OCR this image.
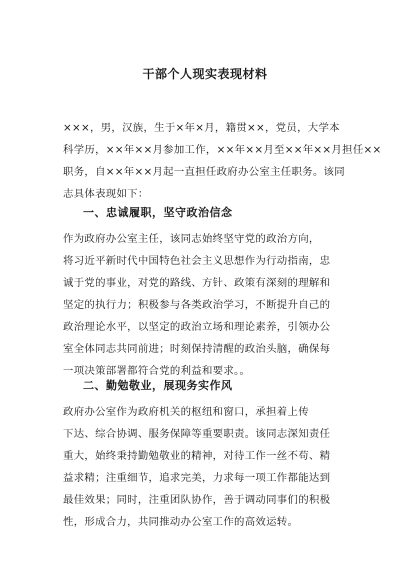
干部个人现实表现材料
×××，男，汉族，生于×年×月，籍贯××，党员，大学本
科学历，××年××月参加工作，××年××月至××年××月担任××
职务，自××年××月起一直担任政府办公室主任职务。该同
志具体表现如下：
一、忠诚履职，坚守政治信念
作为政府办公室主任，该同志始终坚守党的政治方向，
将习近平新时代中国特色社会主义思想作为行动指南，忠
诚于党的事业，对党的路线、方针、政策有深刻的理解和
坚定的执行力；积极参与各类政治学习，不断提升自己的
政治理论水平，以坚定的政治立场和理论素养，引领办公
室全体同志共同前进；时刻保持清醒的政治头脑，确保每
一项决策部署都符合党的利益和要求。。
二、勤勉敬业，展现务实作风
政府办公室作为政府机关的枢纽和窗口，承担着上传
下达、综合协调、服务保障等重要职责。该同志深知责任
重大，始终秉持勤勉敬业的精神，对待工作一丝不苟、精
益求精；注重细节，追求完美，力求每一项工作都能达到
最佳效果；同时，注重团队协作，善于调动同事们的积极
性，形成合力，共同推动办公室工作的高效运转。
